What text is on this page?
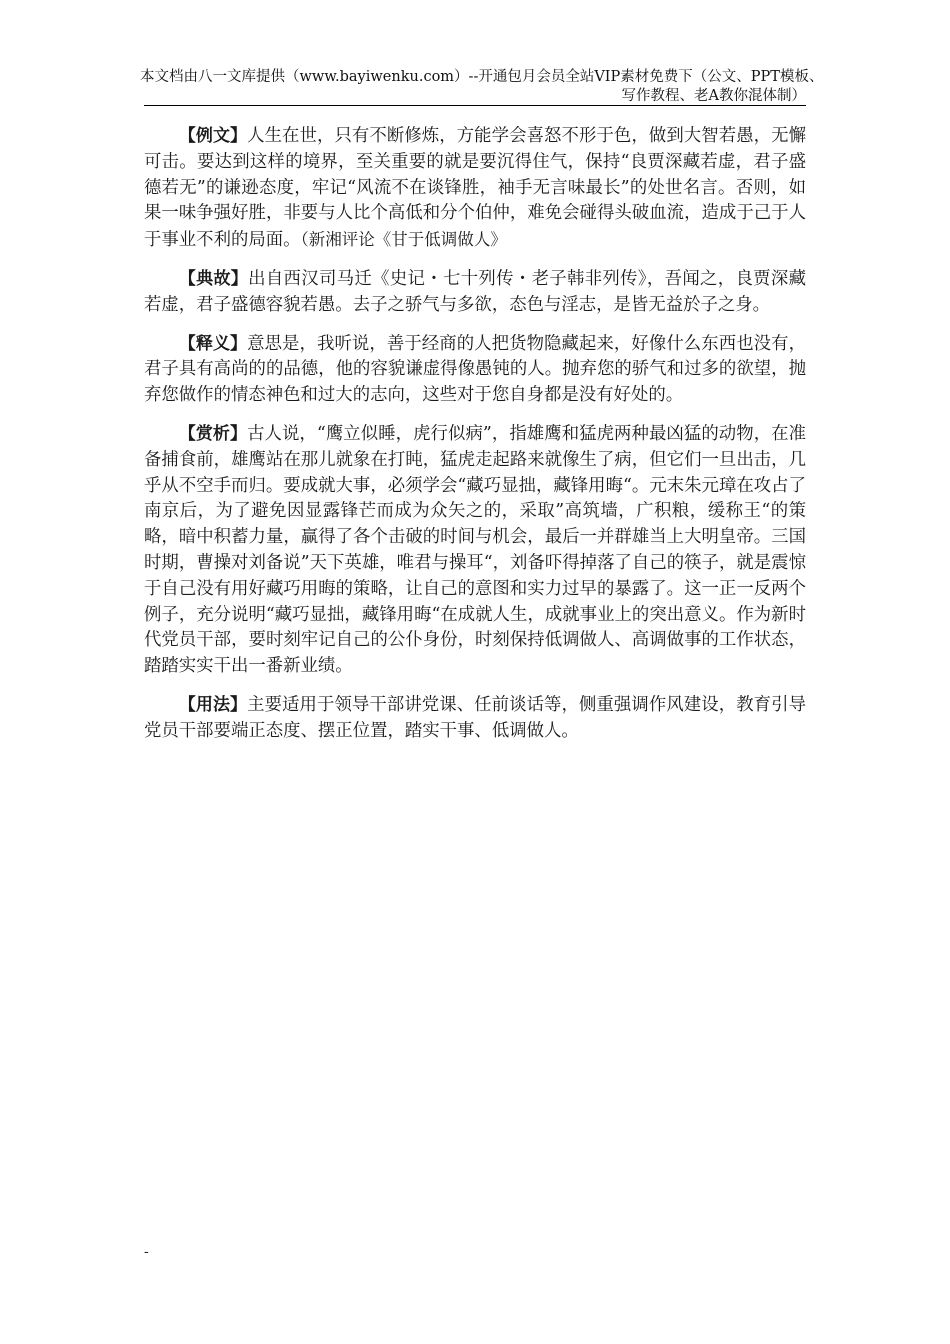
本文档由八一文库提供（www.bayiwenku.com）--开通包月会员全站VIP素材免费下（公文、PPT模板、
写作教程、老A教你混体制）

【例文】人生在世，只有不断修炼，方能学会喜怒不形于色，做到大智若愚，无懈可击。要达到这样的境界，至关重要的就是要沉得住气，保持“良贾深藏若虚，君子盛德若无”的谦逊态度，牢记“风流不在谈锋胜，袖手无言味最长”的处世名言。否则，如果一味争强好胜，非要与人比个高低和分个伯仲，难免会碰得头破血流，造成于己于人于事业不利的局面。（新湘评论《甘于低调做人》

【典故】出自西汉司马迁《史记・七十列传・老子韩非列传》，吾闻之，良贾深藏若虚，君子盛德容貌若愚。去子之骄气与多欲，态色与淫志，是皆无益於子之身。

【释义】意思是，我听说，善于经商的人把货物隐藏起来，好像什么东西也没有，君子具有高尚的的品德，他的容貌谦虚得像愚钝的人。抛弃您的骄气和过多的欲望，抛弃您做作的情态神色和过大的志向，这些对于您自身都是没有好处的。

【赏析】古人说，“鹰立似睡，虎行似病”，指雄鹰和猛虎两种最凶猛的动物，在准备捕食前，雄鹰站在那儿就象在打盹，猛虎走起路来就像生了病，但它们一旦出击，几乎从不空手而归。要成就大事，必须学会“藏巧显拙，藏锋用晦“。元末朱元璋在攻占了南京后，为了避免因显露锋芒而成为众矢之的，采取”高筑墙，广积粮，缓称王“的策略，暗中积蓄力量，赢得了各个击破的时间与机会，最后一并群雄当上大明皇帝。三国时期，曹操对刘备说”天下英雄，唯君与操耳“，刘备吓得掉落了自己的筷子，就是震惊于自己没有用好藏巧用晦的策略，让自己的意图和实力过早的暴露了。这一正一反两个例子，充分说明“藏巧显拙，藏锋用晦“在成就人生，成就事业上的突出意义。作为新时代党员干部，要时刻牢记自己的公仆身份，时刻保持低调做人、高调做事的工作状态，踏踏实实干出一番新业绩。

【用法】主要适用于领导干部讲党课、任前谈话等，侧重强调作风建设，教育引导党员干部要端正态度、摆正位置，踏实干事、低调做人。

-
